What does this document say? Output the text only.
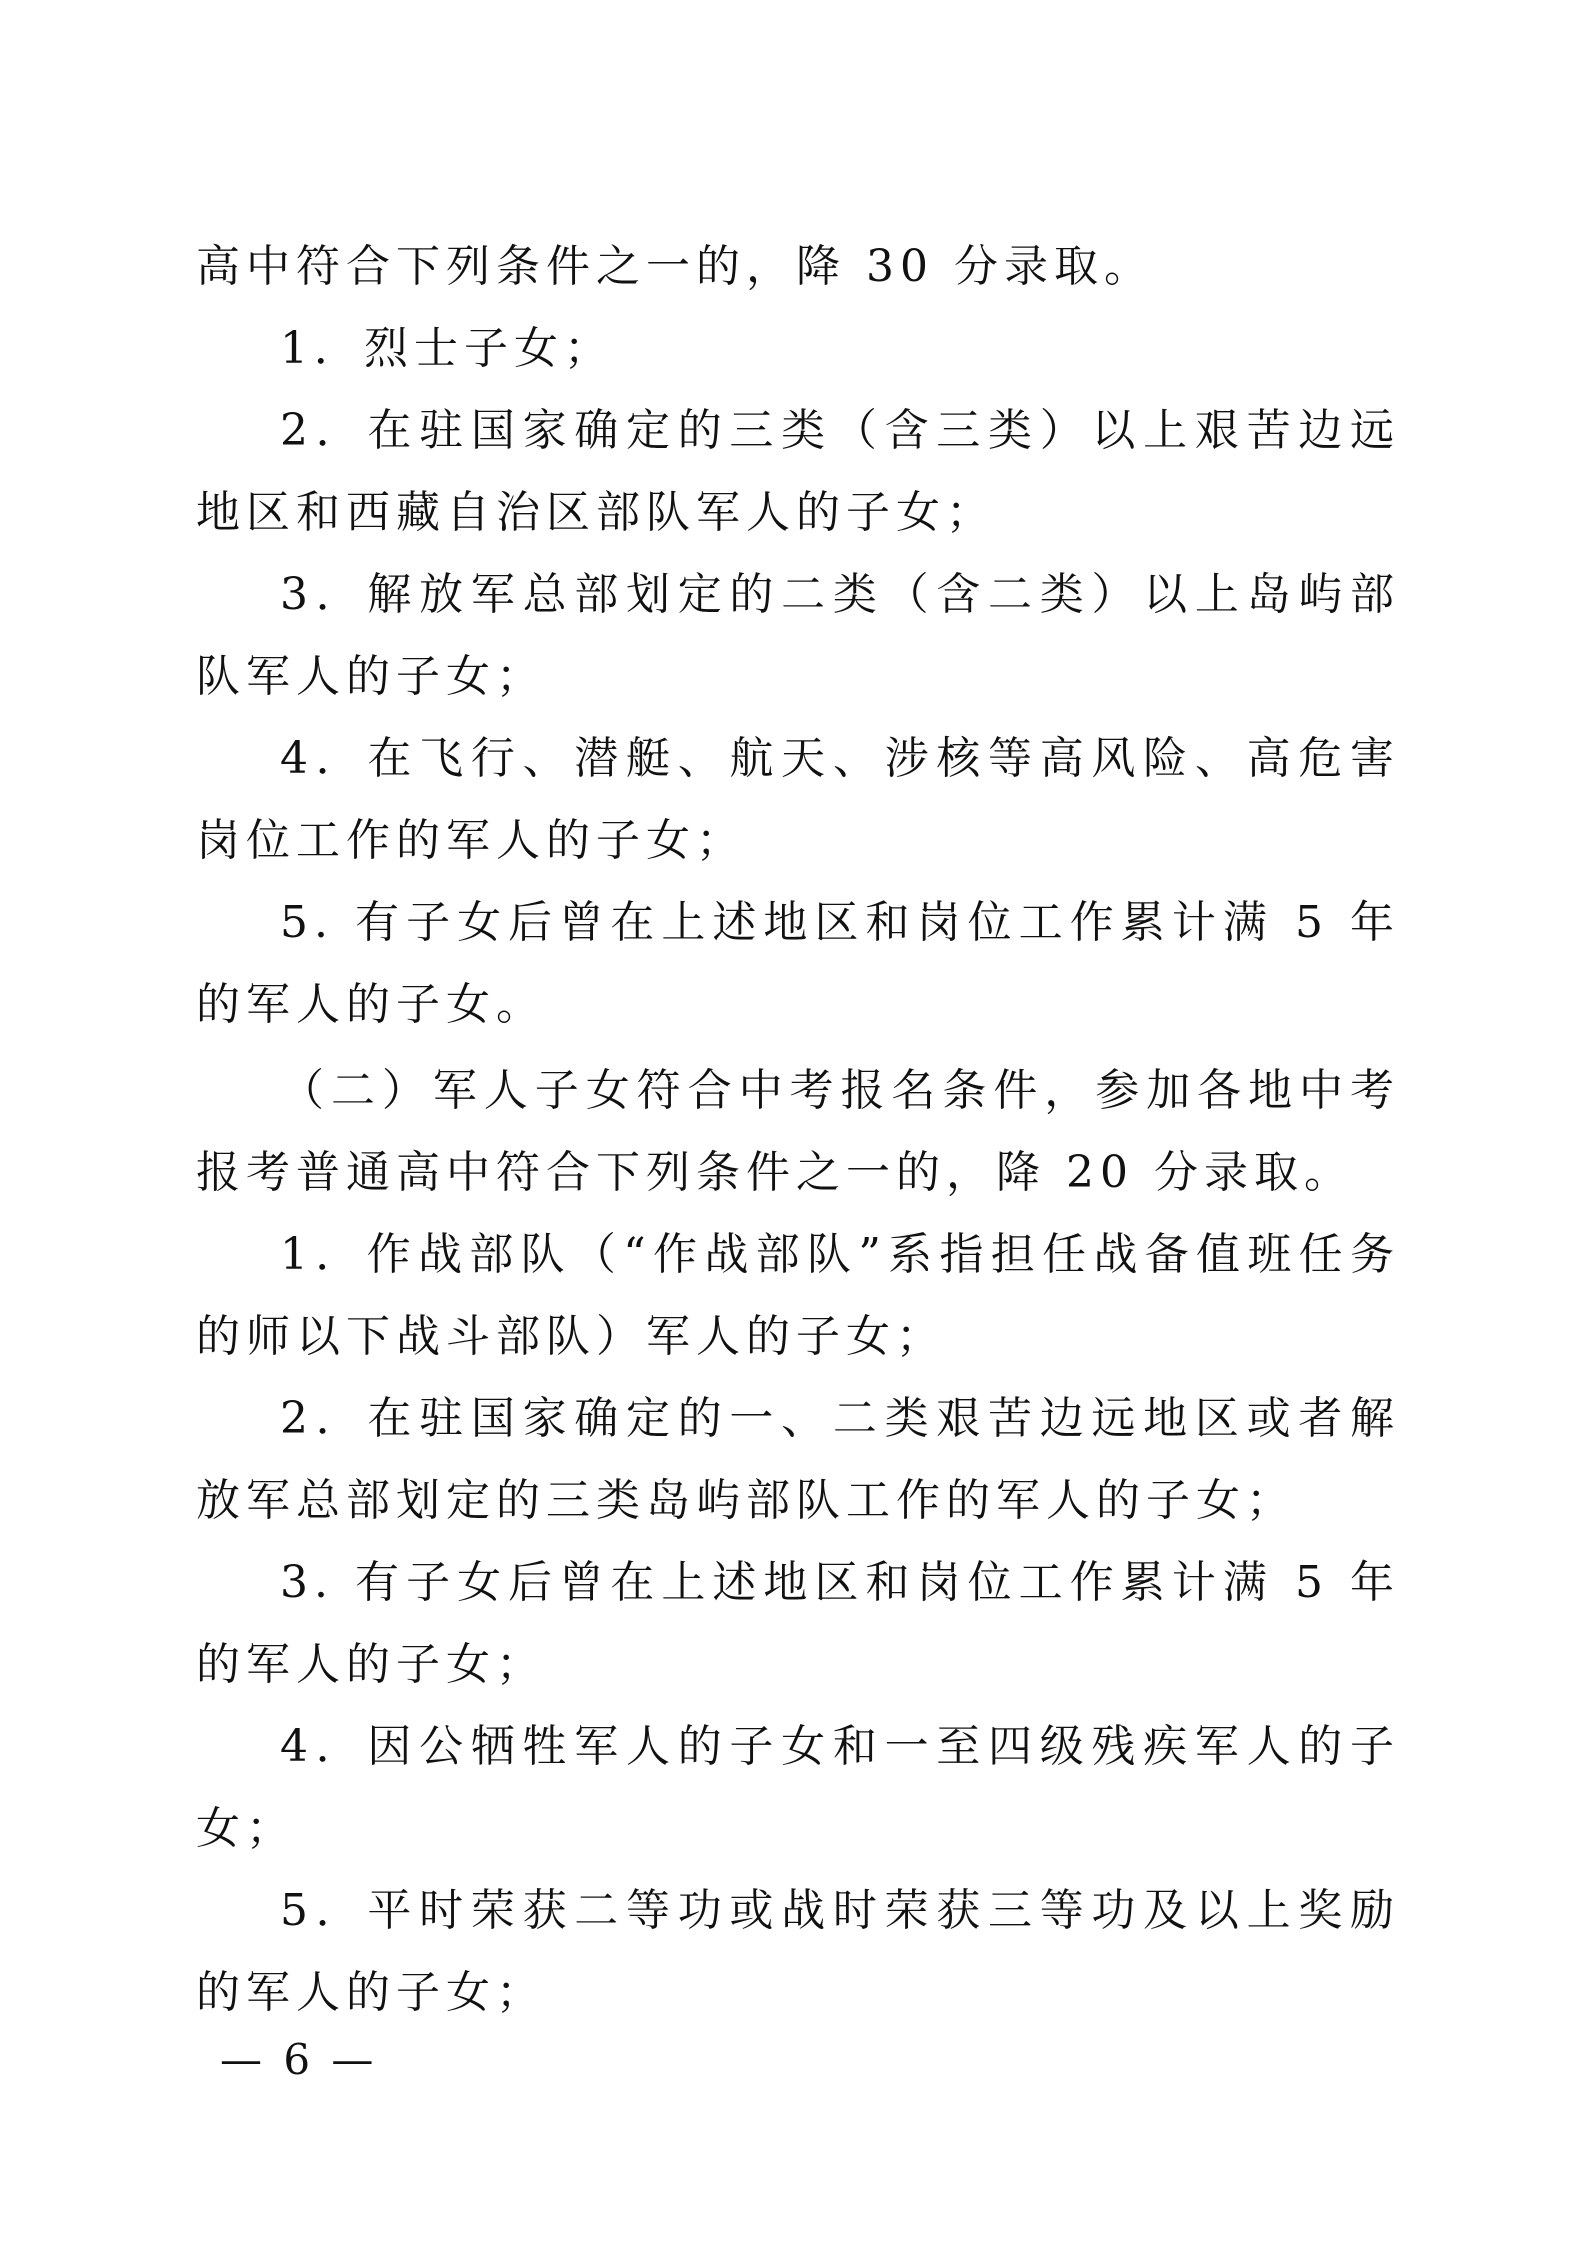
高中符合下列条件之一的，降 30 分录取。

1．烈士子女；

2．在驻国家确定的三类（含三类）以上艰苦边远地区和西藏自治区部队军人的子女；

3．解放军总部划定的二类（含二类）以上岛屿部队军人的子女；

4．在飞行、潜艇、航天、涉核等高风险、高危害岗位工作的军人的子女；

5. 有子女后曾在上述地区和岗位工作累计满 5 年的军人的子女。

（二）军人子女符合中考报名条件，参加各地中考报考普通高中符合下列条件之一的，降 20 分录取。

1．作战部队（“作战部队”系指担任战备值班任务的师以下战斗部队）军人的子女；

2．在驻国家确定的一、二类艰苦边远地区或者解放军总部划定的三类岛屿部队工作的军人的子女；

3. 有子女后曾在上述地区和岗位工作累计满 5 年的军人的子女；

4．因公牺牲军人的子女和一至四级残疾军人的子女；

5．平时荣获二等功或战时荣获三等功及以上奖励的军人的子女；

— 6 —
